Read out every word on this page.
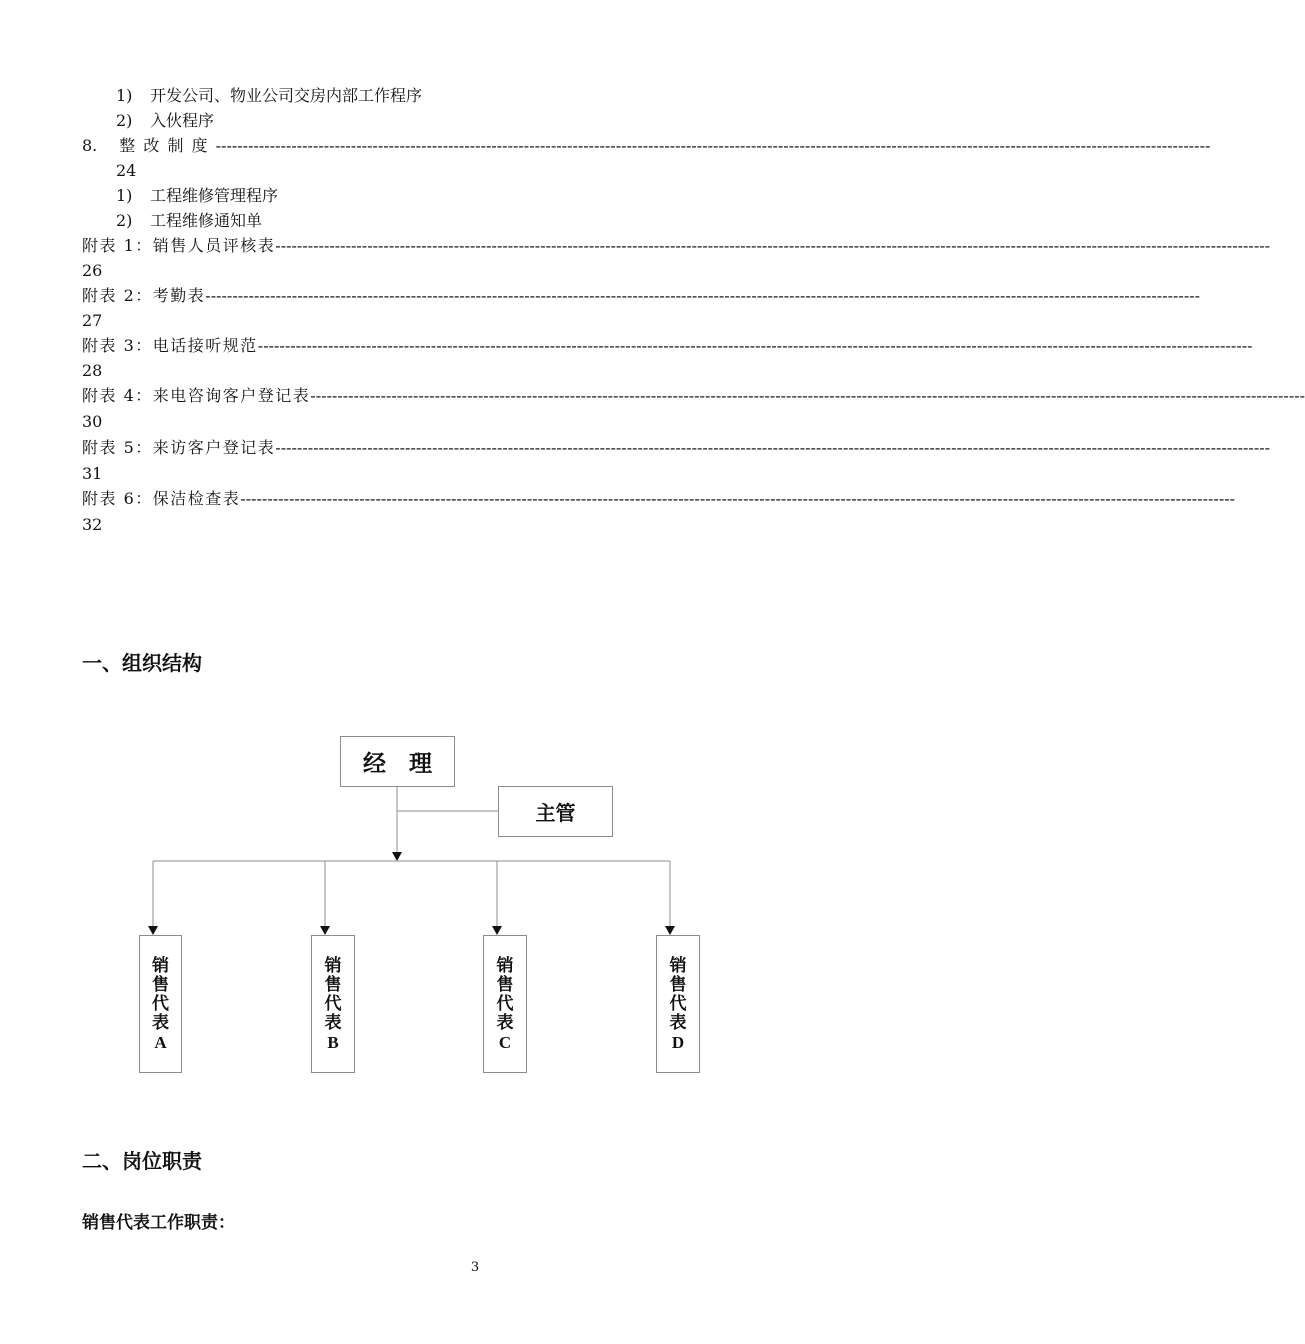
1) 开发公司、物业公司交房内部工作程序
2) 入伙程序
8. 整 改 制 度 ----------------------------------------------------------------------------------------------------------------------------------------------------------------------------------------
24
1) 工程维修管理程序
2) 工程维修通知单
附表 1：销售人员评核表----------------------------------------------------------------------------------------------------------------------------------------------------------------------------------------
26
附表 2：考勤表----------------------------------------------------------------------------------------------------------------------------------------------------------------------------------------
27
附表 3：电话接听规范----------------------------------------------------------------------------------------------------------------------------------------------------------------------------------------
28
附表 4：来电咨询客户登记表----------------------------------------------------------------------------------------------------------------------------------------------------------------------------------------
30
附表 5：来访客户登记表----------------------------------------------------------------------------------------------------------------------------------------------------------------------------------------
31
附表 6：保洁检查表----------------------------------------------------------------------------------------------------------------------------------------------------------------------------------------
32
一、组织结构
经　理
主管
销
售
代
表
A
销
售
代
表
B
销
售
代
表
C
销
售
代
表
D
二、岗位职责
销售代表工作职责：
3
